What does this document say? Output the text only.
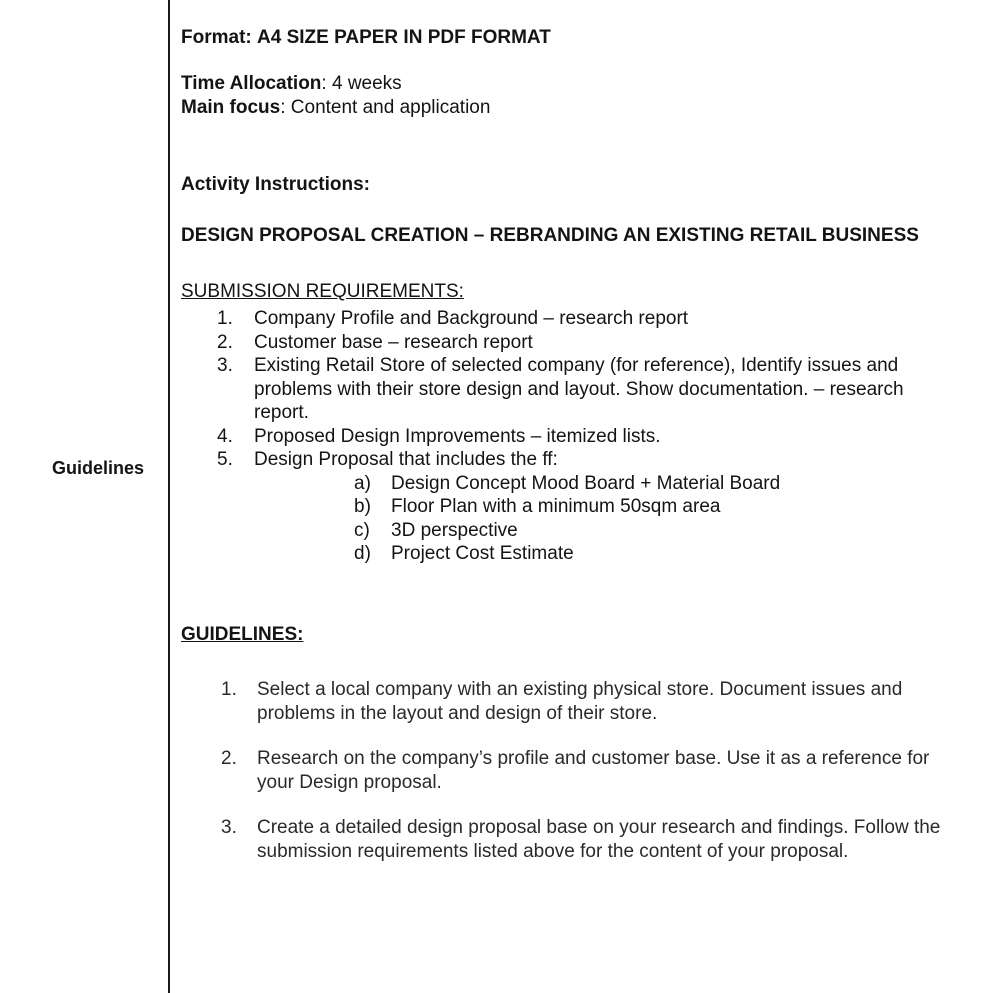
Guidelines
Format: A4 SIZE PAPER IN PDF FORMAT
Time Allocation: 4 weeks
Main focus: Content and application
Activity Instructions:
DESIGN PROPOSAL CREATION – REBRANDING AN EXISTING RETAIL BUSINESS
SUBMISSION REQUIREMENTS:
1. Company Profile and Background – research report
2. Customer base – research report
3. Existing Retail Store of selected company (for reference), Identify issues and
problems with their store design and layout. Show documentation. – research
report.
4. Proposed Design Improvements – itemized lists.
5. Design Proposal that includes the ff:
a) Design Concept Mood Board + Material Board
b) Floor Plan with a minimum 50sqm area
c) 3D perspective
d) Project Cost Estimate
GUIDELINES:
1. Select a local company with an existing physical store. Document issues and
problems in the layout and design of their store.
2. Research on the company’s profile and customer base. Use it as a reference for
your Design proposal.
3. Create a detailed design proposal base on your research and findings. Follow the
submission requirements listed above for the content of your proposal.
